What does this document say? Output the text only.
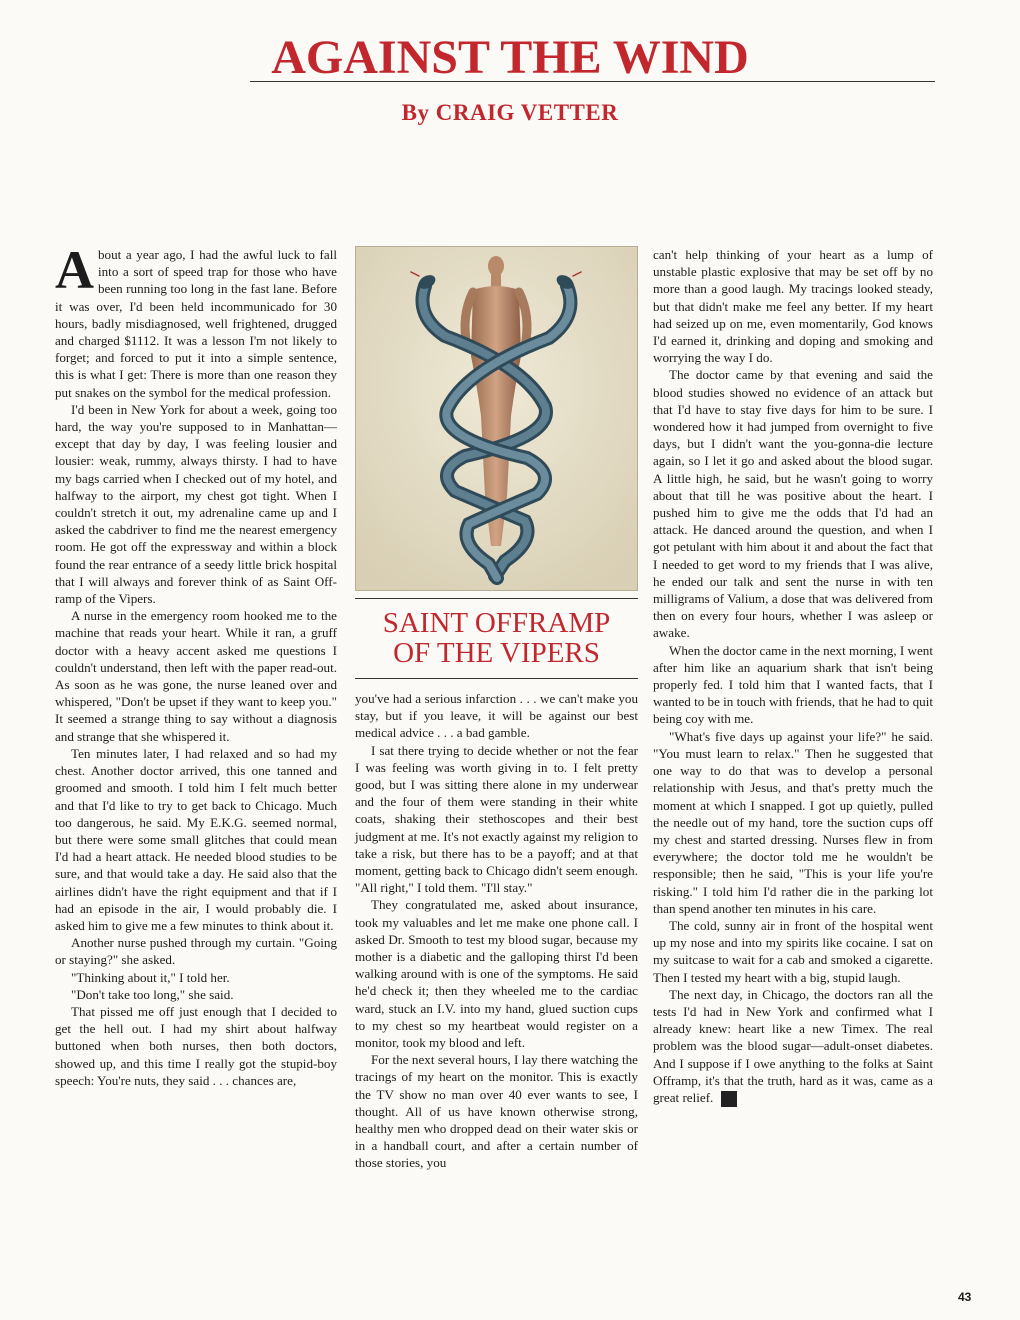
AGAINST THE WIND
By CRAIG VETTER

About a year ago, I had the awful luck to fall into a sort of speed trap for those who have been running too long in the fast lane. Before it was over, I'd been held incommunicado for 30 hours, badly misdiagnosed, well frightened, drugged and charged $1112. It was a lesson I'm not likely to forget; and forced to put it into a simple sentence, this is what I get: There is more than one reason they put snakes on the symbol for the medical profession.

I'd been in New York for about a week, going too hard, the way you're supposed to in Manhattan—except that day by day, I was feeling lousier and lousier: weak, rummy, always thirsty. I had to have my bags carried when I checked out of my hotel, and halfway to the airport, my chest got tight. When I couldn't stretch it out, my adrenaline came up and I asked the cabdriver to find me the nearest emergency room. He got off the expressway and within a block found the rear entrance of a seedy little brick hospital that I will always and forever think of as Saint Off-ramp of the Vipers.

A nurse in the emergency room hooked me to the machine that reads your heart. While it ran, a gruff doctor with a heavy accent asked me questions I couldn't understand, then left with the paper read-out. As soon as he was gone, the nurse leaned over and whispered, "Don't be upset if they want to keep you." It seemed a strange thing to say without a diagnosis and strange that she whispered it.

Ten minutes later, I had relaxed and so had my chest. Another doctor arrived, this one tanned and groomed and smooth. I told him I felt much better and that I'd like to try to get back to Chicago. Much too dangerous, he said. My E.K.G. seemed normal, but there were some small glitches that could mean I'd had a heart attack. He needed blood studies to be sure, and that would take a day. He said also that the airlines didn't have the right equipment and that if I had an episode in the air, I would probably die. I asked him to give me a few minutes to think about it.

Another nurse pushed through my curtain. "Going or staying?" she asked.

"Thinking about it," I told her.

"Don't take too long," she said.

That pissed me off just enough that I decided to get the hell out. I had my shirt about halfway buttoned when both nurses, then both doctors, showed up, and this time I really got the stupid-boy speech: You're nuts, they said . . . chances are,

SAINT OFFRAMP
OF THE VIPERS

you've had a serious infarction . . . we can't make you stay, but if you leave, it will be against our best medical advice . . . a bad gamble.

I sat there trying to decide whether or not the fear I was feeling was worth giving in to. I felt pretty good, but I was sitting there alone in my underwear and the four of them were standing in their white coats, shaking their stethoscopes and their best judgment at me. It's not exactly against my religion to take a risk, but there has to be a payoff; and at that moment, getting back to Chicago didn't seem enough. "All right," I told them. "I'll stay."

They congratulated me, asked about insurance, took my valuables and let me make one phone call. I asked Dr. Smooth to test my blood sugar, because my mother is a diabetic and the galloping thirst I'd been walking around with is one of the symptoms. He said he'd check it; then they wheeled me to the cardiac ward, stuck an I.V. into my hand, glued suction cups to my chest so my heartbeat would register on a monitor, took my blood and left.

For the next several hours, I lay there watching the tracings of my heart on the monitor. This is exactly the TV show no man over 40 ever wants to see, I thought. All of us have known otherwise strong, healthy men who dropped dead on their water skis or in a handball court, and after a certain number of those stories, you

can't help thinking of your heart as a lump of unstable plastic explosive that may be set off by no more than a good laugh. My tracings looked steady, but that didn't make me feel any better. If my heart had seized up on me, even momentarily, God knows I'd earned it, drinking and doping and smoking and worrying the way I do.

The doctor came by that evening and said the blood studies showed no evidence of an attack but that I'd have to stay five days for him to be sure. I wondered how it had jumped from overnight to five days, but I didn't want the you-gonna-die lecture again, so I let it go and asked about the blood sugar. A little high, he said, but he wasn't going to worry about that till he was positive about the heart. I pushed him to give me the odds that I'd had an attack. He danced around the question, and when I got petulant with him about it and about the fact that I needed to get word to my friends that I was alive, he ended our talk and sent the nurse in with ten milligrams of Valium, a dose that was delivered from then on every four hours, whether I was asleep or awake.

When the doctor came in the next morning, I went after him like an aquarium shark that isn't being properly fed. I told him that I wanted facts, that I wanted to be in touch with friends, that he had to quit being coy with me.

"What's five days up against your life?" he said. "You must learn to relax." Then he suggested that one way to do that was to develop a personal relationship with Jesus, and that's pretty much the moment at which I snapped. I got up quietly, pulled the needle out of my hand, tore the suction cups off my chest and started dressing. Nurses flew in from everywhere; the doctor told me he wouldn't be responsible; then he said, "This is your life you're risking." I told him I'd rather die in the parking lot than spend another ten minutes in his care.

The cold, sunny air in front of the hospital went up my nose and into my spirits like cocaine. I sat on my suitcase to wait for a cab and smoked a cigarette. Then I tested my heart with a big, stupid laugh.

The next day, in Chicago, the doctors ran all the tests I'd had in New York and confirmed what I already knew: heart like a new Timex. The real problem was the blood sugar—adult-onset diabetes. And I suppose if I owe anything to the folks at Saint Offramp, it's that the truth, hard as it was, came as a great relief. P

43
